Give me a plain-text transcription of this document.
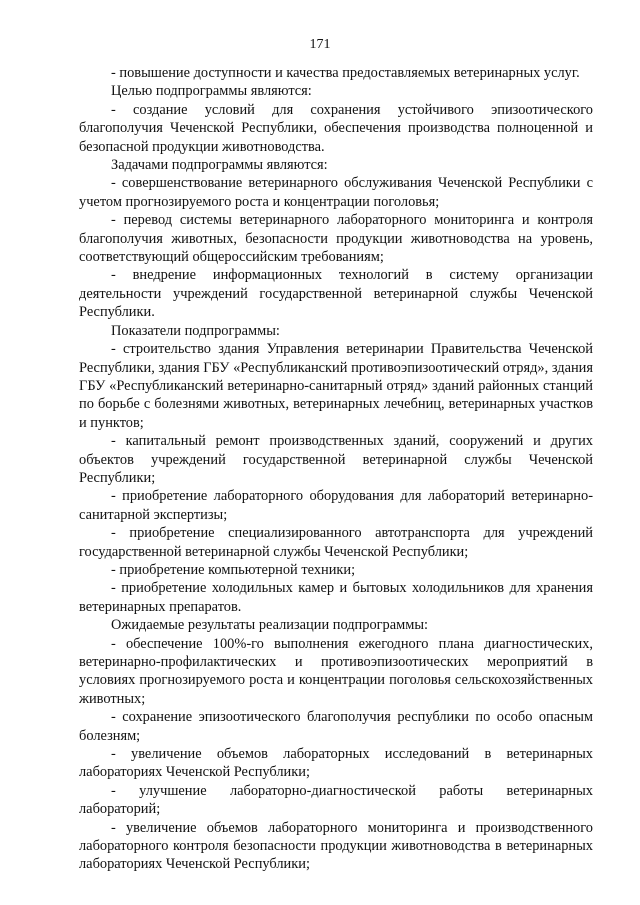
171

- повышение доступности и качества предоставляемых ветеринарных услуг.

Целью подпрограммы являются:

- создание условий для сохранения устойчивого эпизоотического благополучия Чеченской Республики, обеспечения производства полноценной и безопасной продукции животноводства.

Задачами подпрограммы являются:

- совершенствование ветеринарного обслуживания Чеченской Республики с учетом прогнозируемого роста и концентрации поголовья;

- перевод системы ветеринарного лабораторного мониторинга и контроля благополучия животных, безопасности продукции животноводства на уровень, соответствующий общероссийским требованиям;

- внедрение информационных технологий в систему организации деятельности учреждений государственной ветеринарной службы Чеченской Республики.

Показатели подпрограммы:

- строительство здания Управления ветеринарии Правительства Чеченской Республики, здания ГБУ «Республиканский противоэпизоотический отряд», здания ГБУ «Республиканский ветеринарно-санитарный отряд» зданий районных станций по борьбе с болезнями животных, ветеринарных лечебниц, ветеринарных участков и пунктов;

- капитальный ремонт производственных зданий, сооружений и других объектов учреждений государственной ветеринарной службы Чеченской Республики;

- приобретение лабораторного оборудования для лабораторий ветеринарно-санитарной экспертизы;

- приобретение специализированного автотранспорта для учреждений государственной ветеринарной службы Чеченской Республики;

- приобретение компьютерной техники;

- приобретение холодильных камер и бытовых холодильников для хранения ветеринарных препаратов.

Ожидаемые результаты реализации подпрограммы:

- обеспечение 100%-го выполнения ежегодного плана диагностических, ветеринарно-профилактических и противоэпизоотических мероприятий в условиях прогнозируемого роста и концентрации поголовья сельскохозяйственных животных;

- сохранение эпизоотического благополучия республики по особо опасным болезням;

- увеличение объемов лабораторных исследований в ветеринарных лабораториях Чеченской Республики;

- улучшение лабораторно-диагностической работы ветеринарных лабораторий;

- увеличение объемов лабораторного мониторинга и производственного лабораторного контроля безопасности продукции животноводства в ветеринарных лабораториях Чеченской Республики;
